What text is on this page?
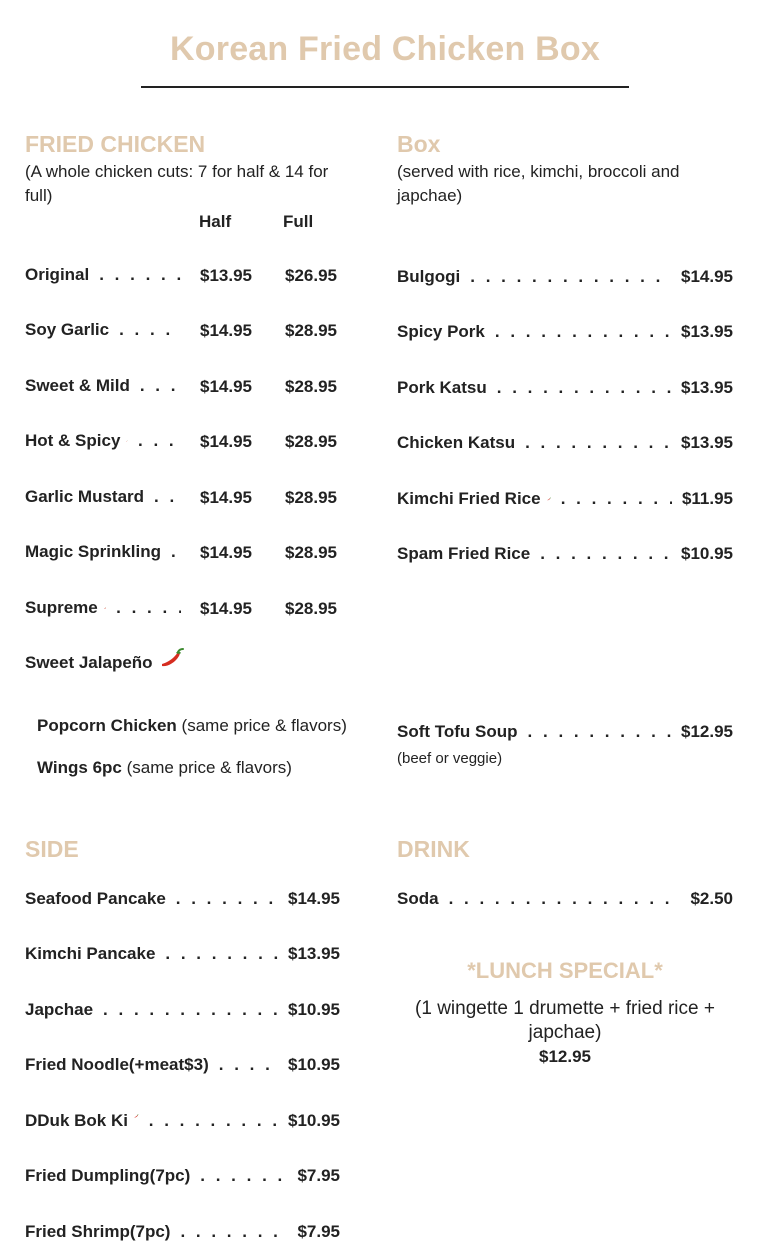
Korean Fried Chicken Box
FRIED CHICKEN
(A whole chicken cuts: 7 for half & 14 for full)
Half	Full
Original . . .	$13.95 $26.95
Soy Garlic . . .	$14.95 $28.95
Sweet & Mild . . .	$14.95 $28.95
Hot & Spicy . . .	$14.95 $28.95
Garlic Mustard . . .	$14.95 $28.95
Magic Sprinkling . . . $14.95 $28.95
Supreme . . .	$14.95 $28.95
Sweet Jalapeño
Popcorn Chicken (same price & flavors)
Wings 6pc (same price & flavors)
Box
(served with rice, kimchi, broccoli and japchae)
Bulgogi . . .	$14.95
Spicy Pork . . .	$13.95
Pork Katsu . . .	$13.95
Chicken Katsu . . .	$13.95
Kimchi Fried Rice . . .	$11.95
Spam Fried Rice . . .	$10.95
Soft Tofu Soup . . .	$12.95
(beef or veggie)
SIDE
Seafood Pancake . . .	$14.95
Kimchi Pancake . . .	$13.95
Japchae . . .	$10.95
Fried Noodle(+meat$3) . . .	$10.95
DDuk Bok Ki . . .	$10.95
Fried Dumpling(7pc) . . .	$7.95
Fried Shrimp(7pc) . . .	$7.95
DRINK
Soda . . .	$2.50
*LUNCH SPECIAL*
(1 wingette 1 drumette + fried rice + japchae)
$12.95
